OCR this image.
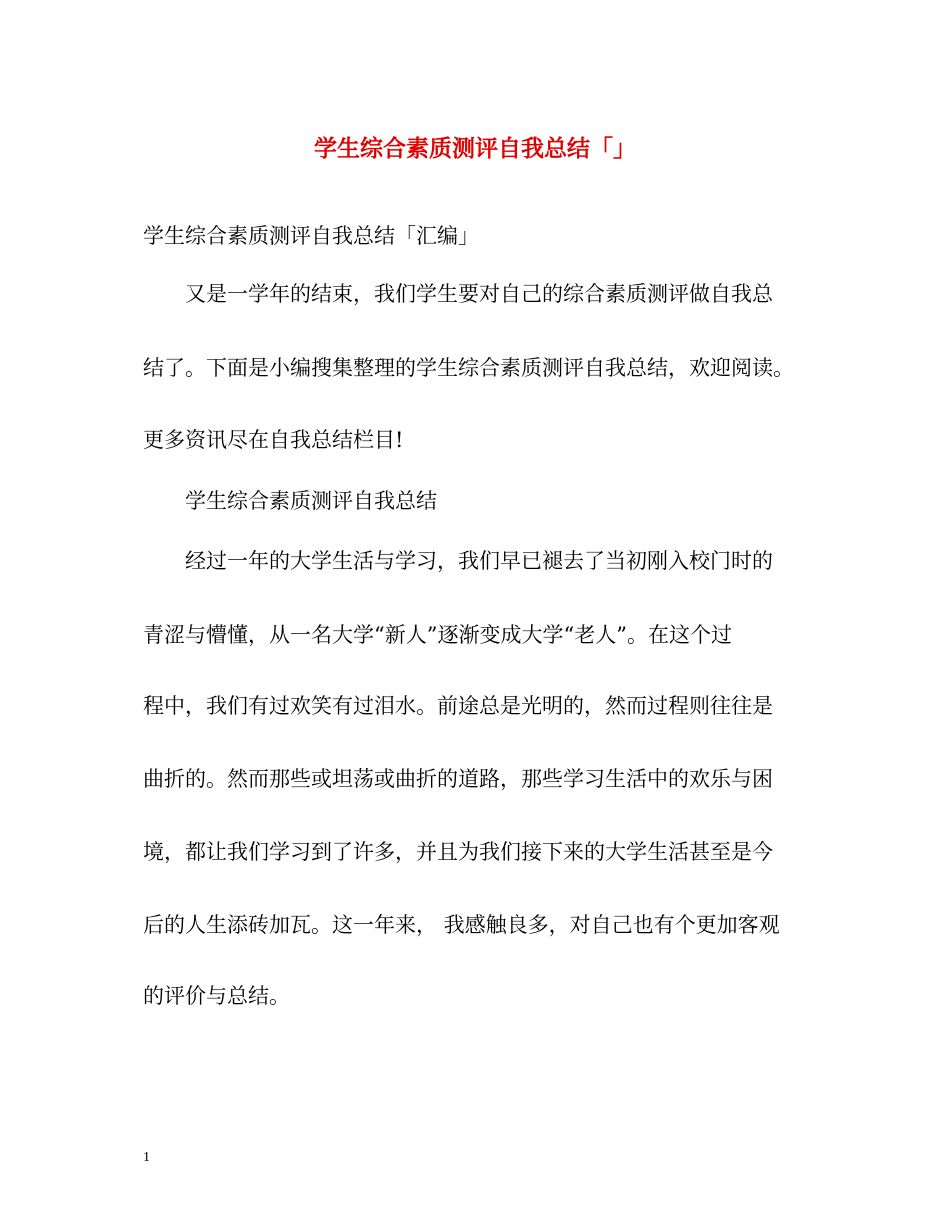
学生综合素质测评自我总结「」
学生综合素质测评自我总结「汇编」
又是一学年的结束，我们学生要对自己的综合素质测评做自我总
结了。下面是小编搜集整理的学生综合素质测评自我总结，欢迎阅读。
更多资讯尽在自我总结栏目!
学生综合素质测评自我总结
经过一年的大学生活与学习，我们早已褪去了当初刚入校门时的
青涩与懵懂，从一名大学“新人”逐渐变成大学“老人”。在这个过
程中，我们有过欢笑有过泪水。前途总是光明的，然而过程则往往是
曲折的。然而那些或坦荡或曲折的道路，那些学习生活中的欢乐与困
境，都让我们学习到了许多，并且为我们接下来的大学生活甚至是今
后的人生添砖加瓦。这一年来， 我感触良多，对自己也有个更加客观
的评价与总结。
1
